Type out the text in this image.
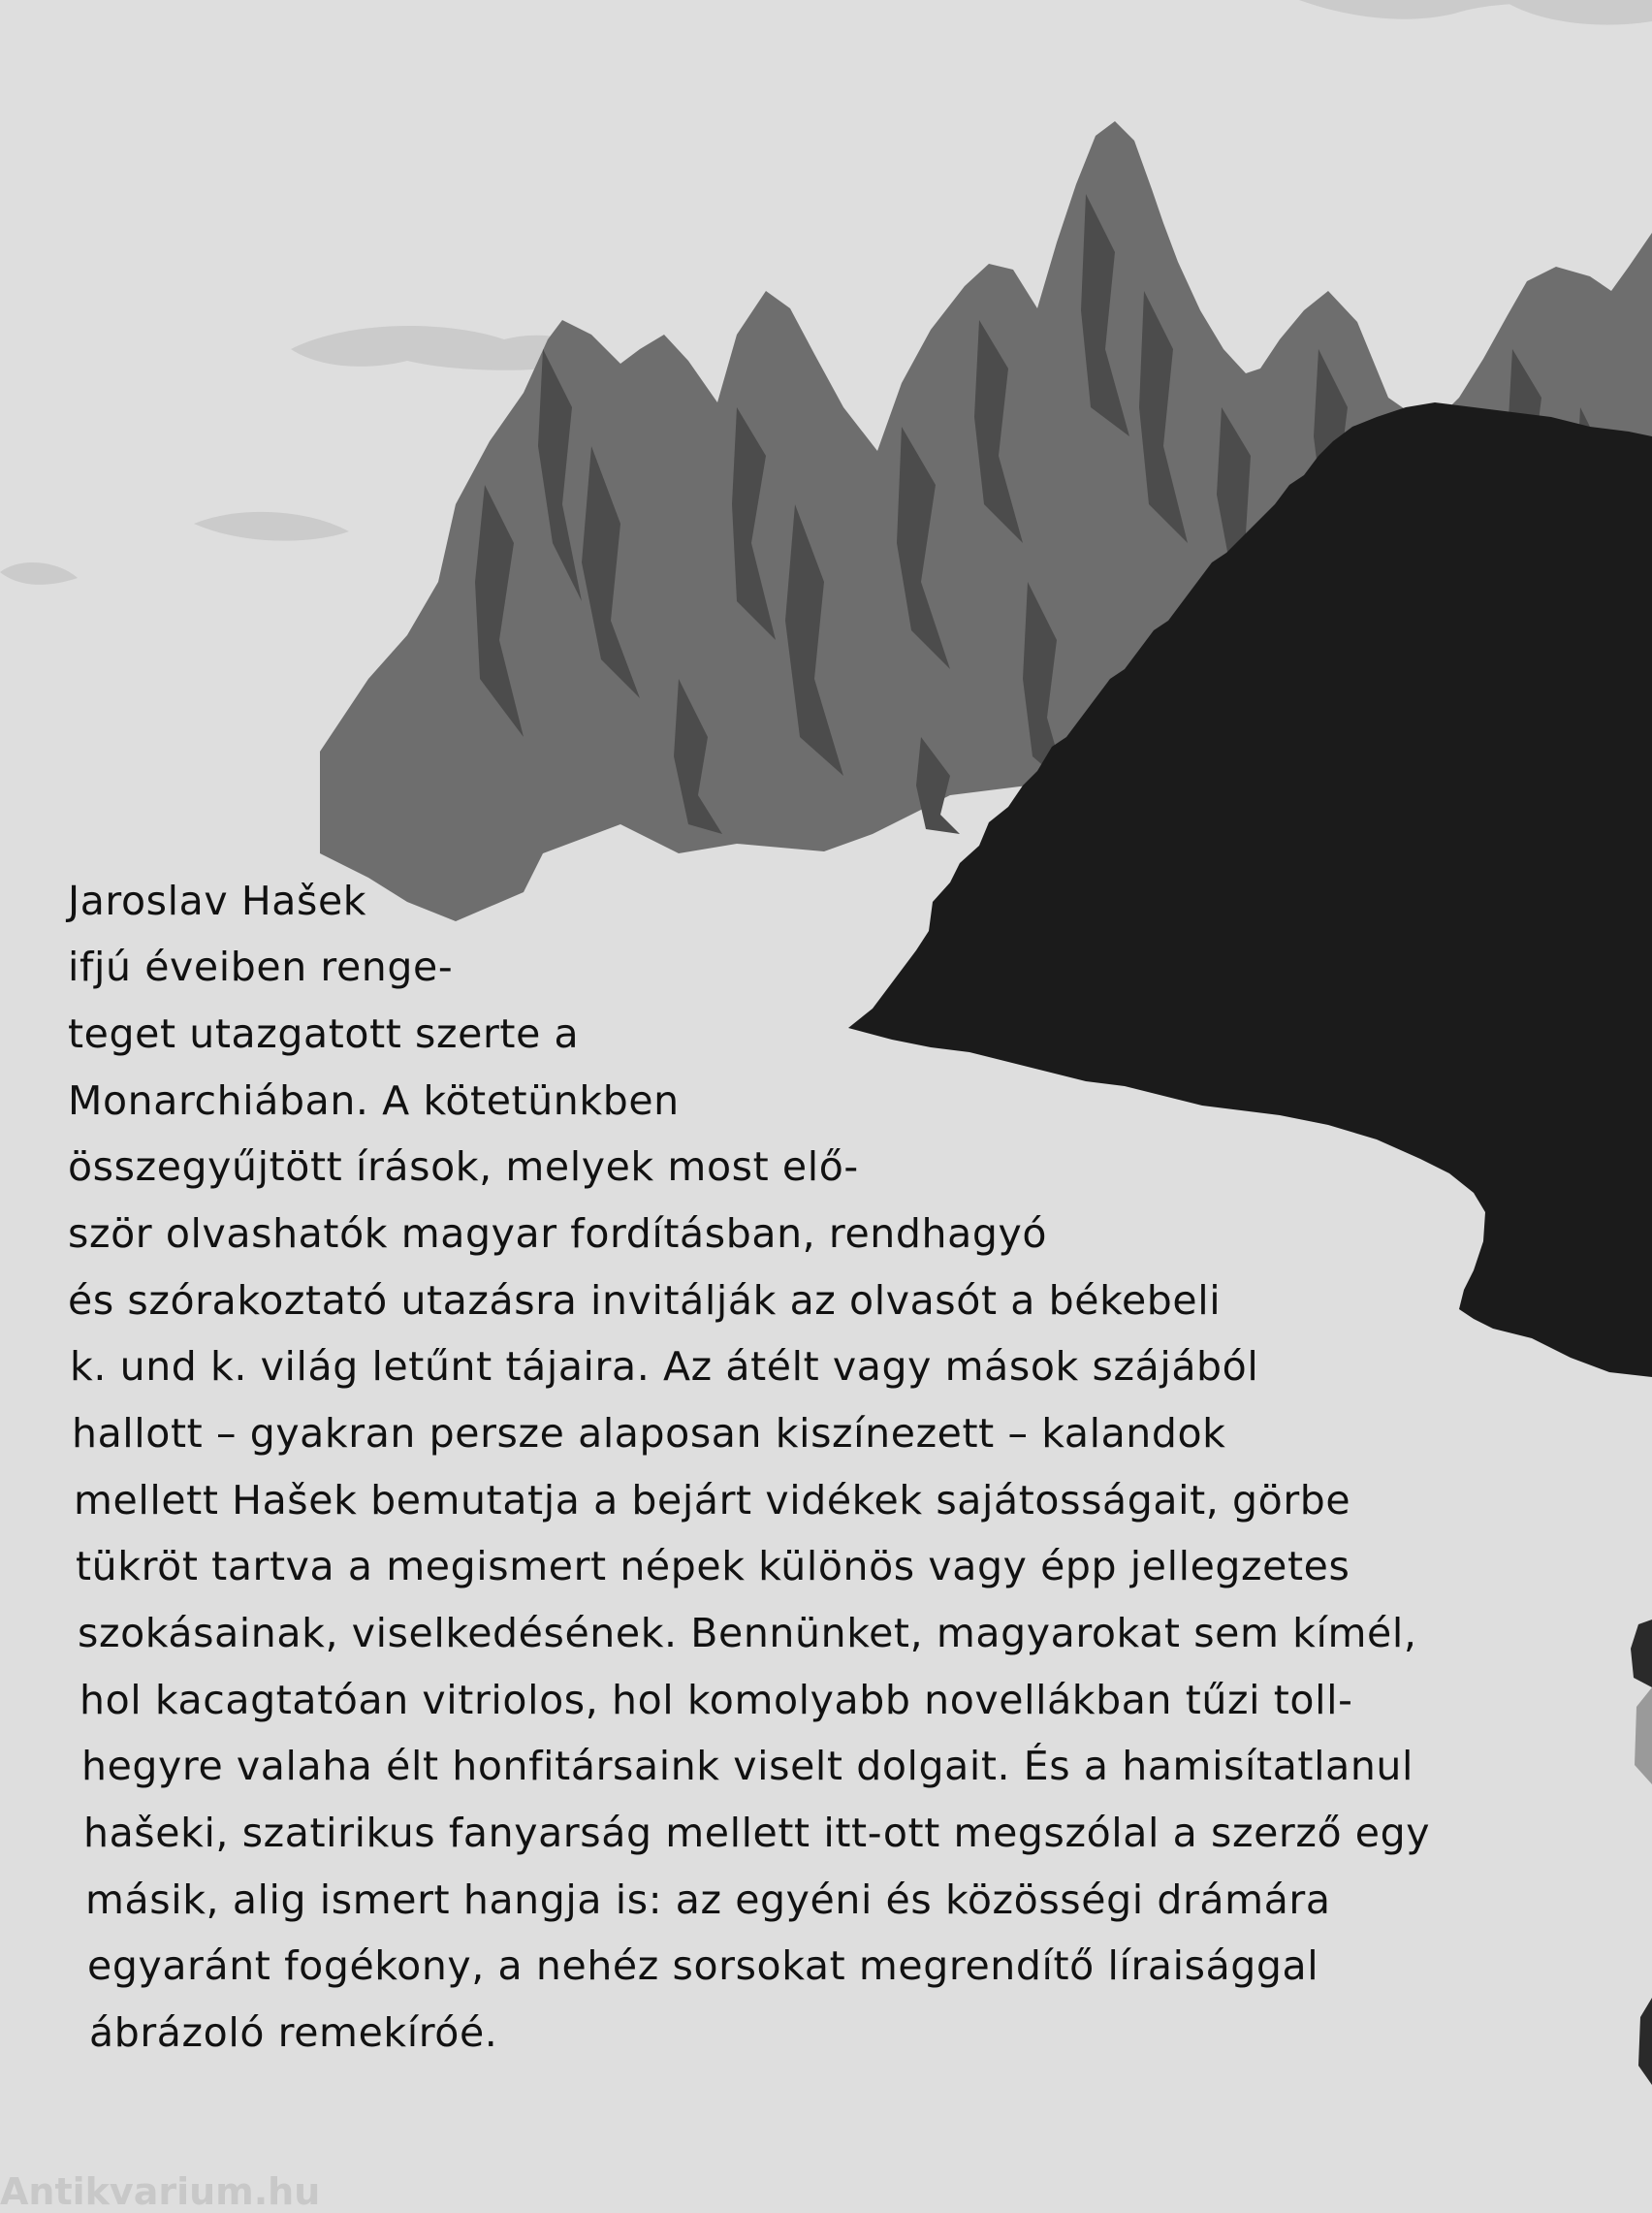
Jaroslav Hašek
ifjú éveiben renge-
teget utazgatott szerte a
Monarchiában. A kötetünkben
összegyűjtött írások, melyek most elő-
ször olvashatók magyar fordításban, rendhagyó
és szórakoztató utazásra invitálják az olvasót a békebeli
k. und k. világ letűnt tájaira. Az átélt vagy mások szájából
hallott – gyakran persze alaposan kiszínezett – kalandok
mellett Hašek bemutatja a bejárt vidékek sajátosságait, görbe
tükröt tartva a megismert népek különös vagy épp jellegzetes
szokásainak, viselkedésének. Bennünket, magyarokat sem kímél,
hol kacagtatóan vitriolos, hol komolyabb novellákban tűzi toll-
hegyre valaha élt honfitársaink viselt dolgait. És a hamisítatlanul
hašeki, szatirikus fanyarság mellett itt-ott megszólal a szerző egy
másik, alig ismert hangja is: az egyéni és közösségi drámára
egyaránt fogékony, a nehéz sorsokat megrendítő líraisággal
ábrázoló remekíróé.
Antikvarium.hu
